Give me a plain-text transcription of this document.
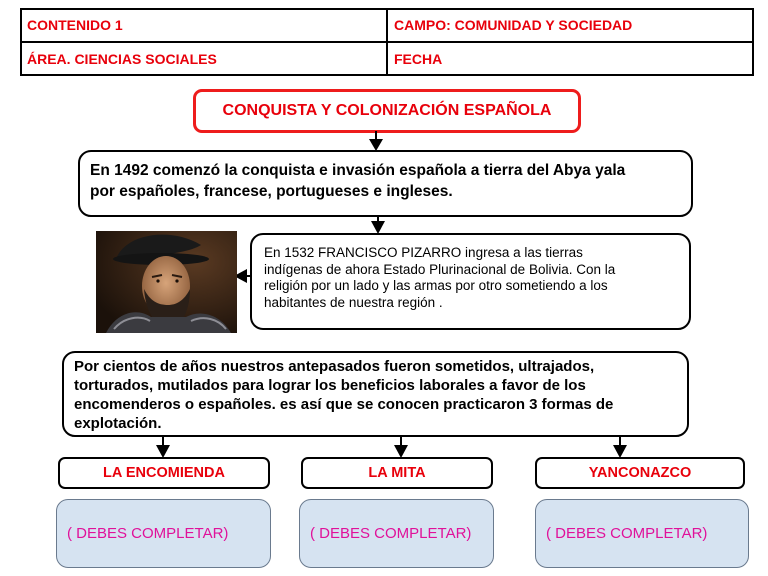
CONTENIDO 1	CAMPO: COMUNIDAD Y SOCIEDAD
ÁREA. CIENCIAS SOCIALES	FECHA
CONQUISTA Y COLONIZACIÓN ESPAÑOLA
En 1492 comenzó la conquista e invasión española a tierra del Abya yala
por españoles, francese, portugueses e ingleses.
En 1532 FRANCISCO PIZARRO ingresa a las tierras
indígenas de ahora Estado Plurinacional de Bolivia. Con la
religión por un lado y las armas por otro sometiendo a los
habitantes de nuestra región .
Por cientos de años nuestros antepasados fueron sometidos, ultrajados,
torturados, mutilados para lograr los beneficios laborales a favor de los
encomenderos o españoles. es así que se conocen practicaron 3 formas de
explotación.
LA ENCOMIENDA	LA MITA	YANCONAZCO
( DEBES COMPLETAR)	( DEBES COMPLETAR)	( DEBES COMPLETAR)
